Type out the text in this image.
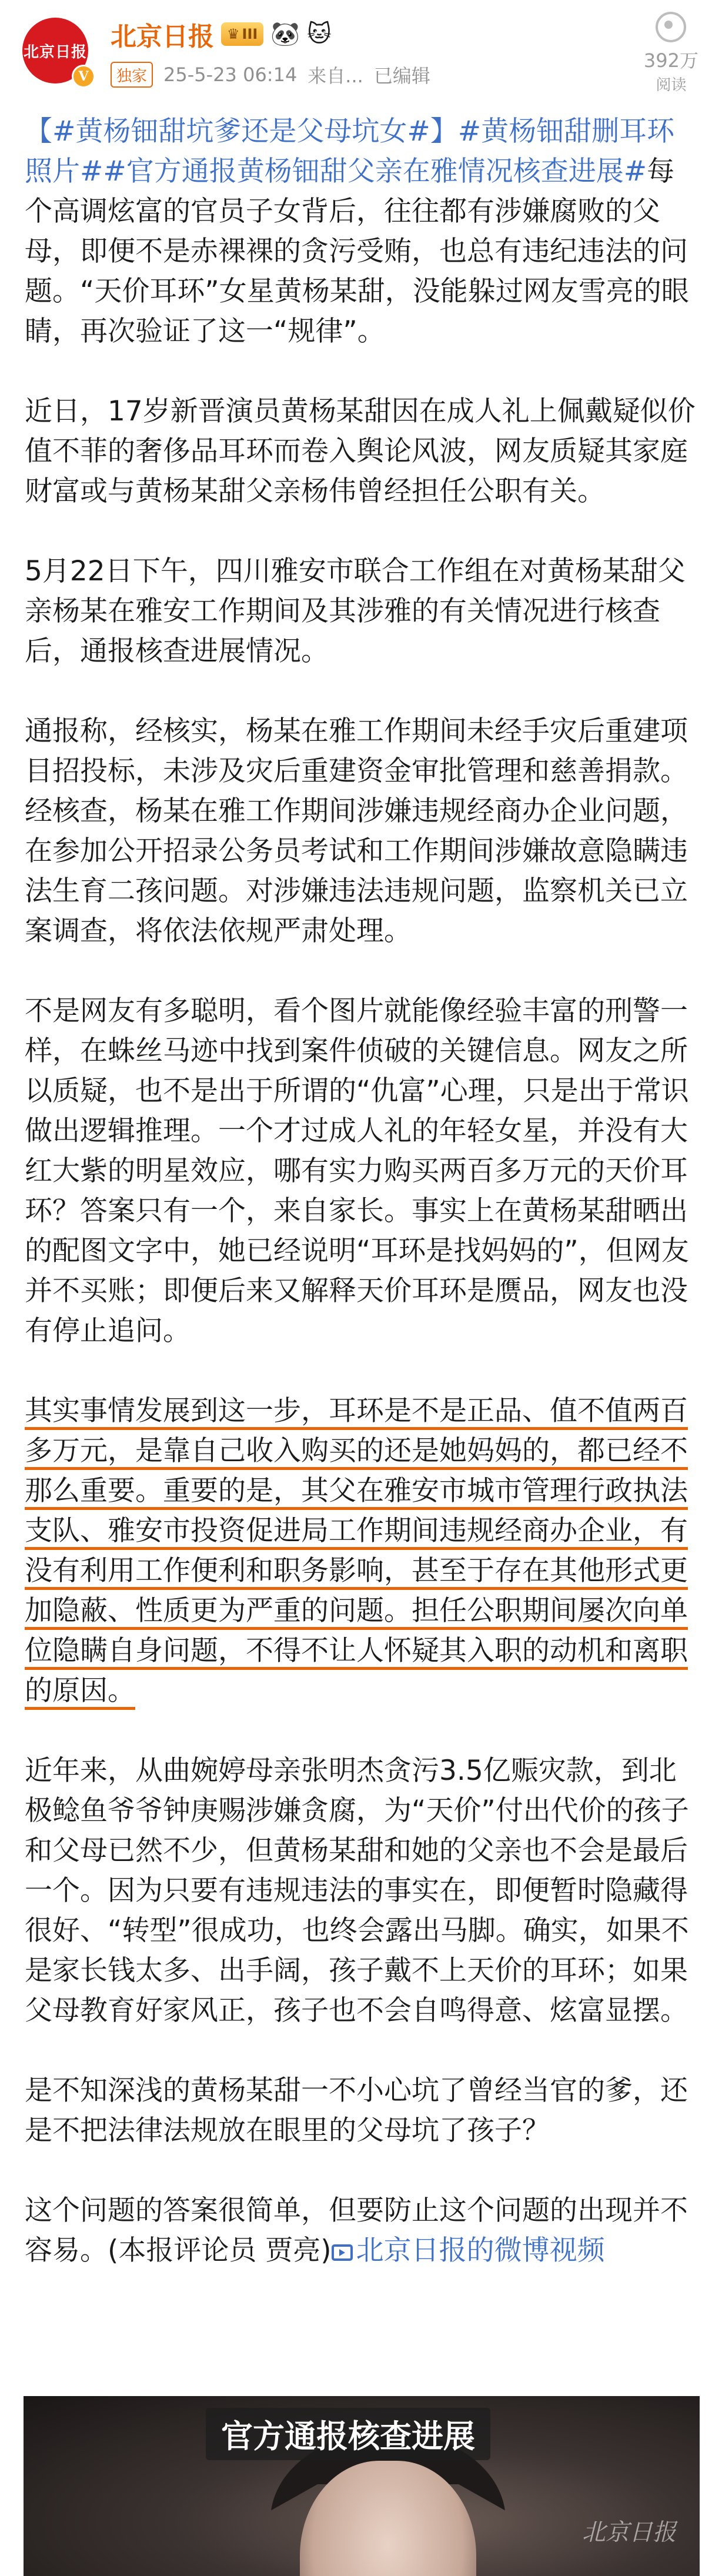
北京日报
V
北京日报 ♛ III 🐼 🐱
独家 25-5-23 06:14 来自... 已编辑
392万
阅读

【#黄杨钿甜坑爹还是父母坑女#】#黄杨钿甜删耳环照片##官方通报黄杨钿甜父亲在雅情况核查进展#每个高调炫富的官员子女背后，往往都有涉嫌腐败的父母，即便不是赤裸裸的贪污受贿，也总有违纪违法的问题。“天价耳环”女星黄杨某甜，没能躲过网友雪亮的眼睛，再次验证了这一“规律”。

近日，17岁新晋演员黄杨某甜因在成人礼上佩戴疑似价值不菲的奢侈品耳环而卷入舆论风波，网友质疑其家庭财富或与黄杨某甜父亲杨伟曾经担任公职有关。

5月22日下午，四川雅安市联合工作组在对黄杨某甜父亲杨某在雅安工作期间及其涉雅的有关情况进行核查后，通报核查进展情况。

通报称，经核实，杨某在雅工作期间未经手灾后重建项目招投标，未涉及灾后重建资金审批管理和慈善捐款。经核查，杨某在雅工作期间涉嫌违规经商办企业问题，在参加公开招录公务员考试和工作期间涉嫌故意隐瞒违法生育二孩问题。对涉嫌违法违规问题，监察机关已立案调查，将依法依规严肃处理。

不是网友有多聪明，看个图片就能像经验丰富的刑警一样，在蛛丝马迹中找到案件侦破的关键信息。网友之所以质疑，也不是出于所谓的“仇富”心理，只是出于常识做出逻辑推理。一个才过成人礼的年轻女星，并没有大红大紫的明星效应，哪有实力购买两百多万元的天价耳环？答案只有一个，来自家长。事实上在黄杨某甜晒出的配图文字中，她已经说明“耳环是找妈妈的”，但网友并不买账；即便后来又解释天价耳环是赝品，网友也没有停止追问。

其实事情发展到这一步，耳环是不是正品、值不值两百多万元，是靠自己收入购买的还是她妈妈的，都已经不那么重要。重要的是，其父在雅安市城市管理行政执法支队、雅安市投资促进局工作期间违规经商办企业，有没有利用工作便利和职务影响，甚至于存在其他形式更加隐蔽、性质更为严重的问题。担任公职期间屡次向单位隐瞒自身问题，不得不让人怀疑其入职的动机和离职的原因。

近年来，从曲婉婷母亲张明杰贪污3.5亿赈灾款，到北极鲶鱼爷爷钟庚赐涉嫌贪腐，为“天价”付出代价的孩子和父母已然不少，但黄杨某甜和她的父亲也不会是最后一个。因为只要有违规违法的事实在，即便暂时隐藏得很好、“转型”很成功，也终会露出马脚。确实，如果不是家长钱太多、出手阔，孩子戴不上天价的耳环；如果父母教育好家风正，孩子也不会自鸣得意、炫富显摆。

是不知深浅的黄杨某甜一不小心坑了曾经当官的爹，还是不把法律法规放在眼里的父母坑了孩子？

这个问题的答案很简单，但要防止这个问题的出现并不容易。(本报评论员 贾亮) 北京日报的微博视频

官方通报核查进展
北京日报
